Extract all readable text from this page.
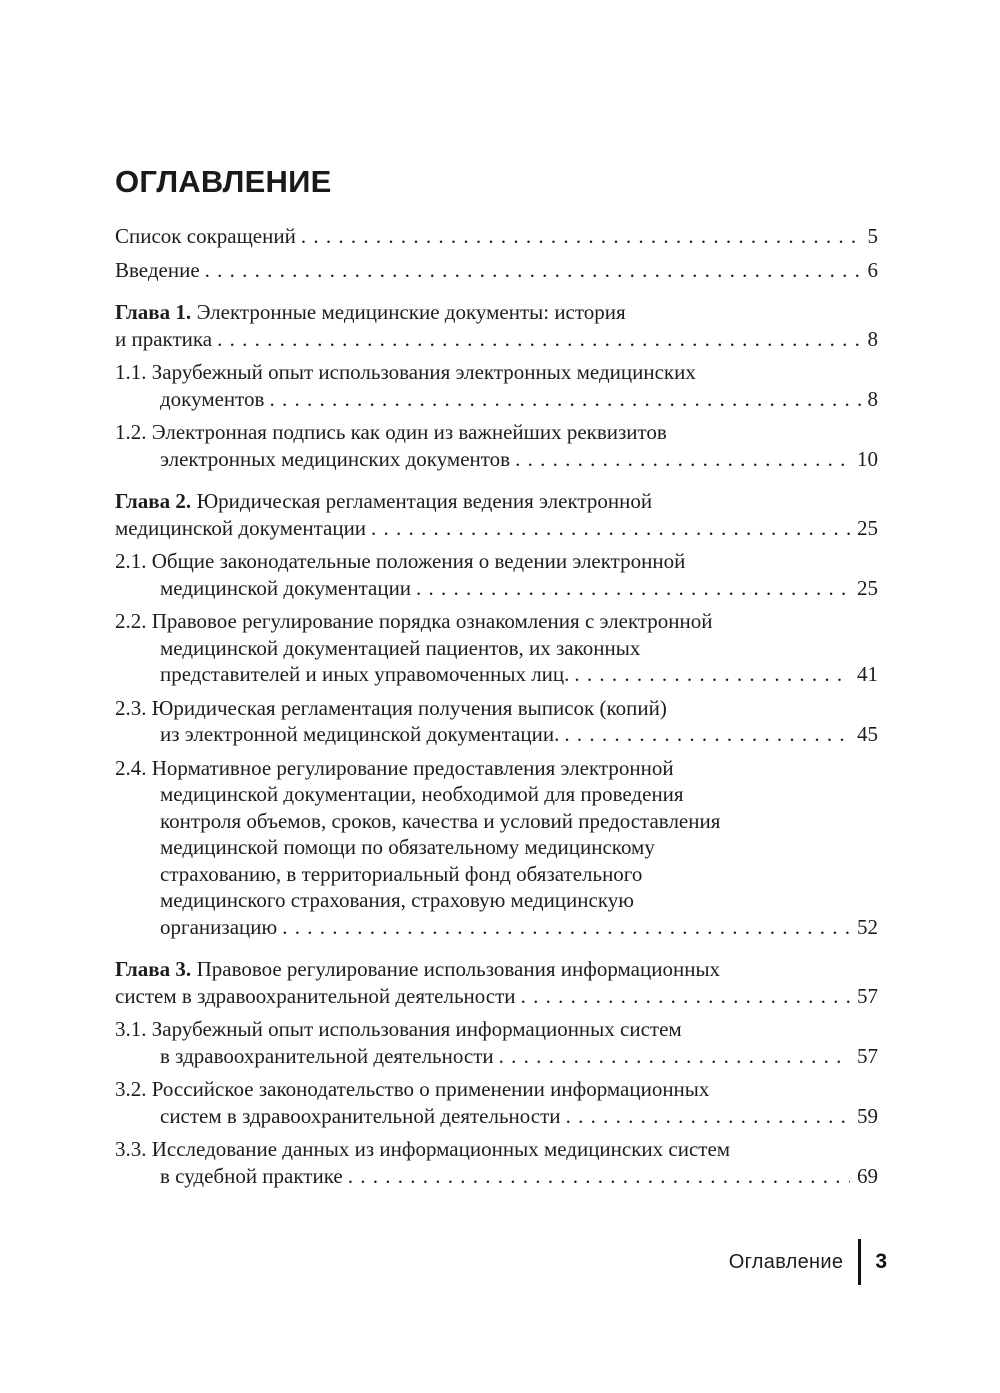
ОГЛАВЛЕНИЕ
Список сокращений . . .	5
Введение . . .	6
Глава 1. Электронные медицинские документы: история
и практика . . .	8
1.1. Зарубежный опыт использования электронных медицинских
документов . . .	8
1.2. Электронная подпись как один из важнейших реквизитов
электронных медицинских документов . . .	10
Глава 2. Юридическая регламентация ведения электронной
медицинской документации . . .	25
2.1. Общие законодательные положения о ведении электронной
медицинской документации . . .	25
2.2. Правовое регулирование порядка ознакомления с электронной
медицинской документацией пациентов, их законных
представителей и иных управомоченных лиц. . . .	41
2.3. Юридическая регламентация получения выписок (копий)
из электронной медицинской документации. . . .	45
2.4. Нормативное регулирование предоставления электронной
медицинской документации, необходимой для проведения
контроля объемов, сроков, качества и условий предоставления
медицинской помощи по обязательному медицинскому
страхованию, в территориальный фонд обязательного
медицинского страхования, страховую медицинскую
организацию . . .	52
Глава 3. Правовое регулирование использования информационных
систем в здравоохранительной деятельности . . .	57
3.1. Зарубежный опыт использования информационных систем
в здравоохранительной деятельности . . .	57
3.2. Российское законодательство о применении информационных
систем в здравоохранительной деятельности . . .	59
3.3. Исследование данных из информационных медицинских систем
в судебной практике . . .	69
Оглавление 3
